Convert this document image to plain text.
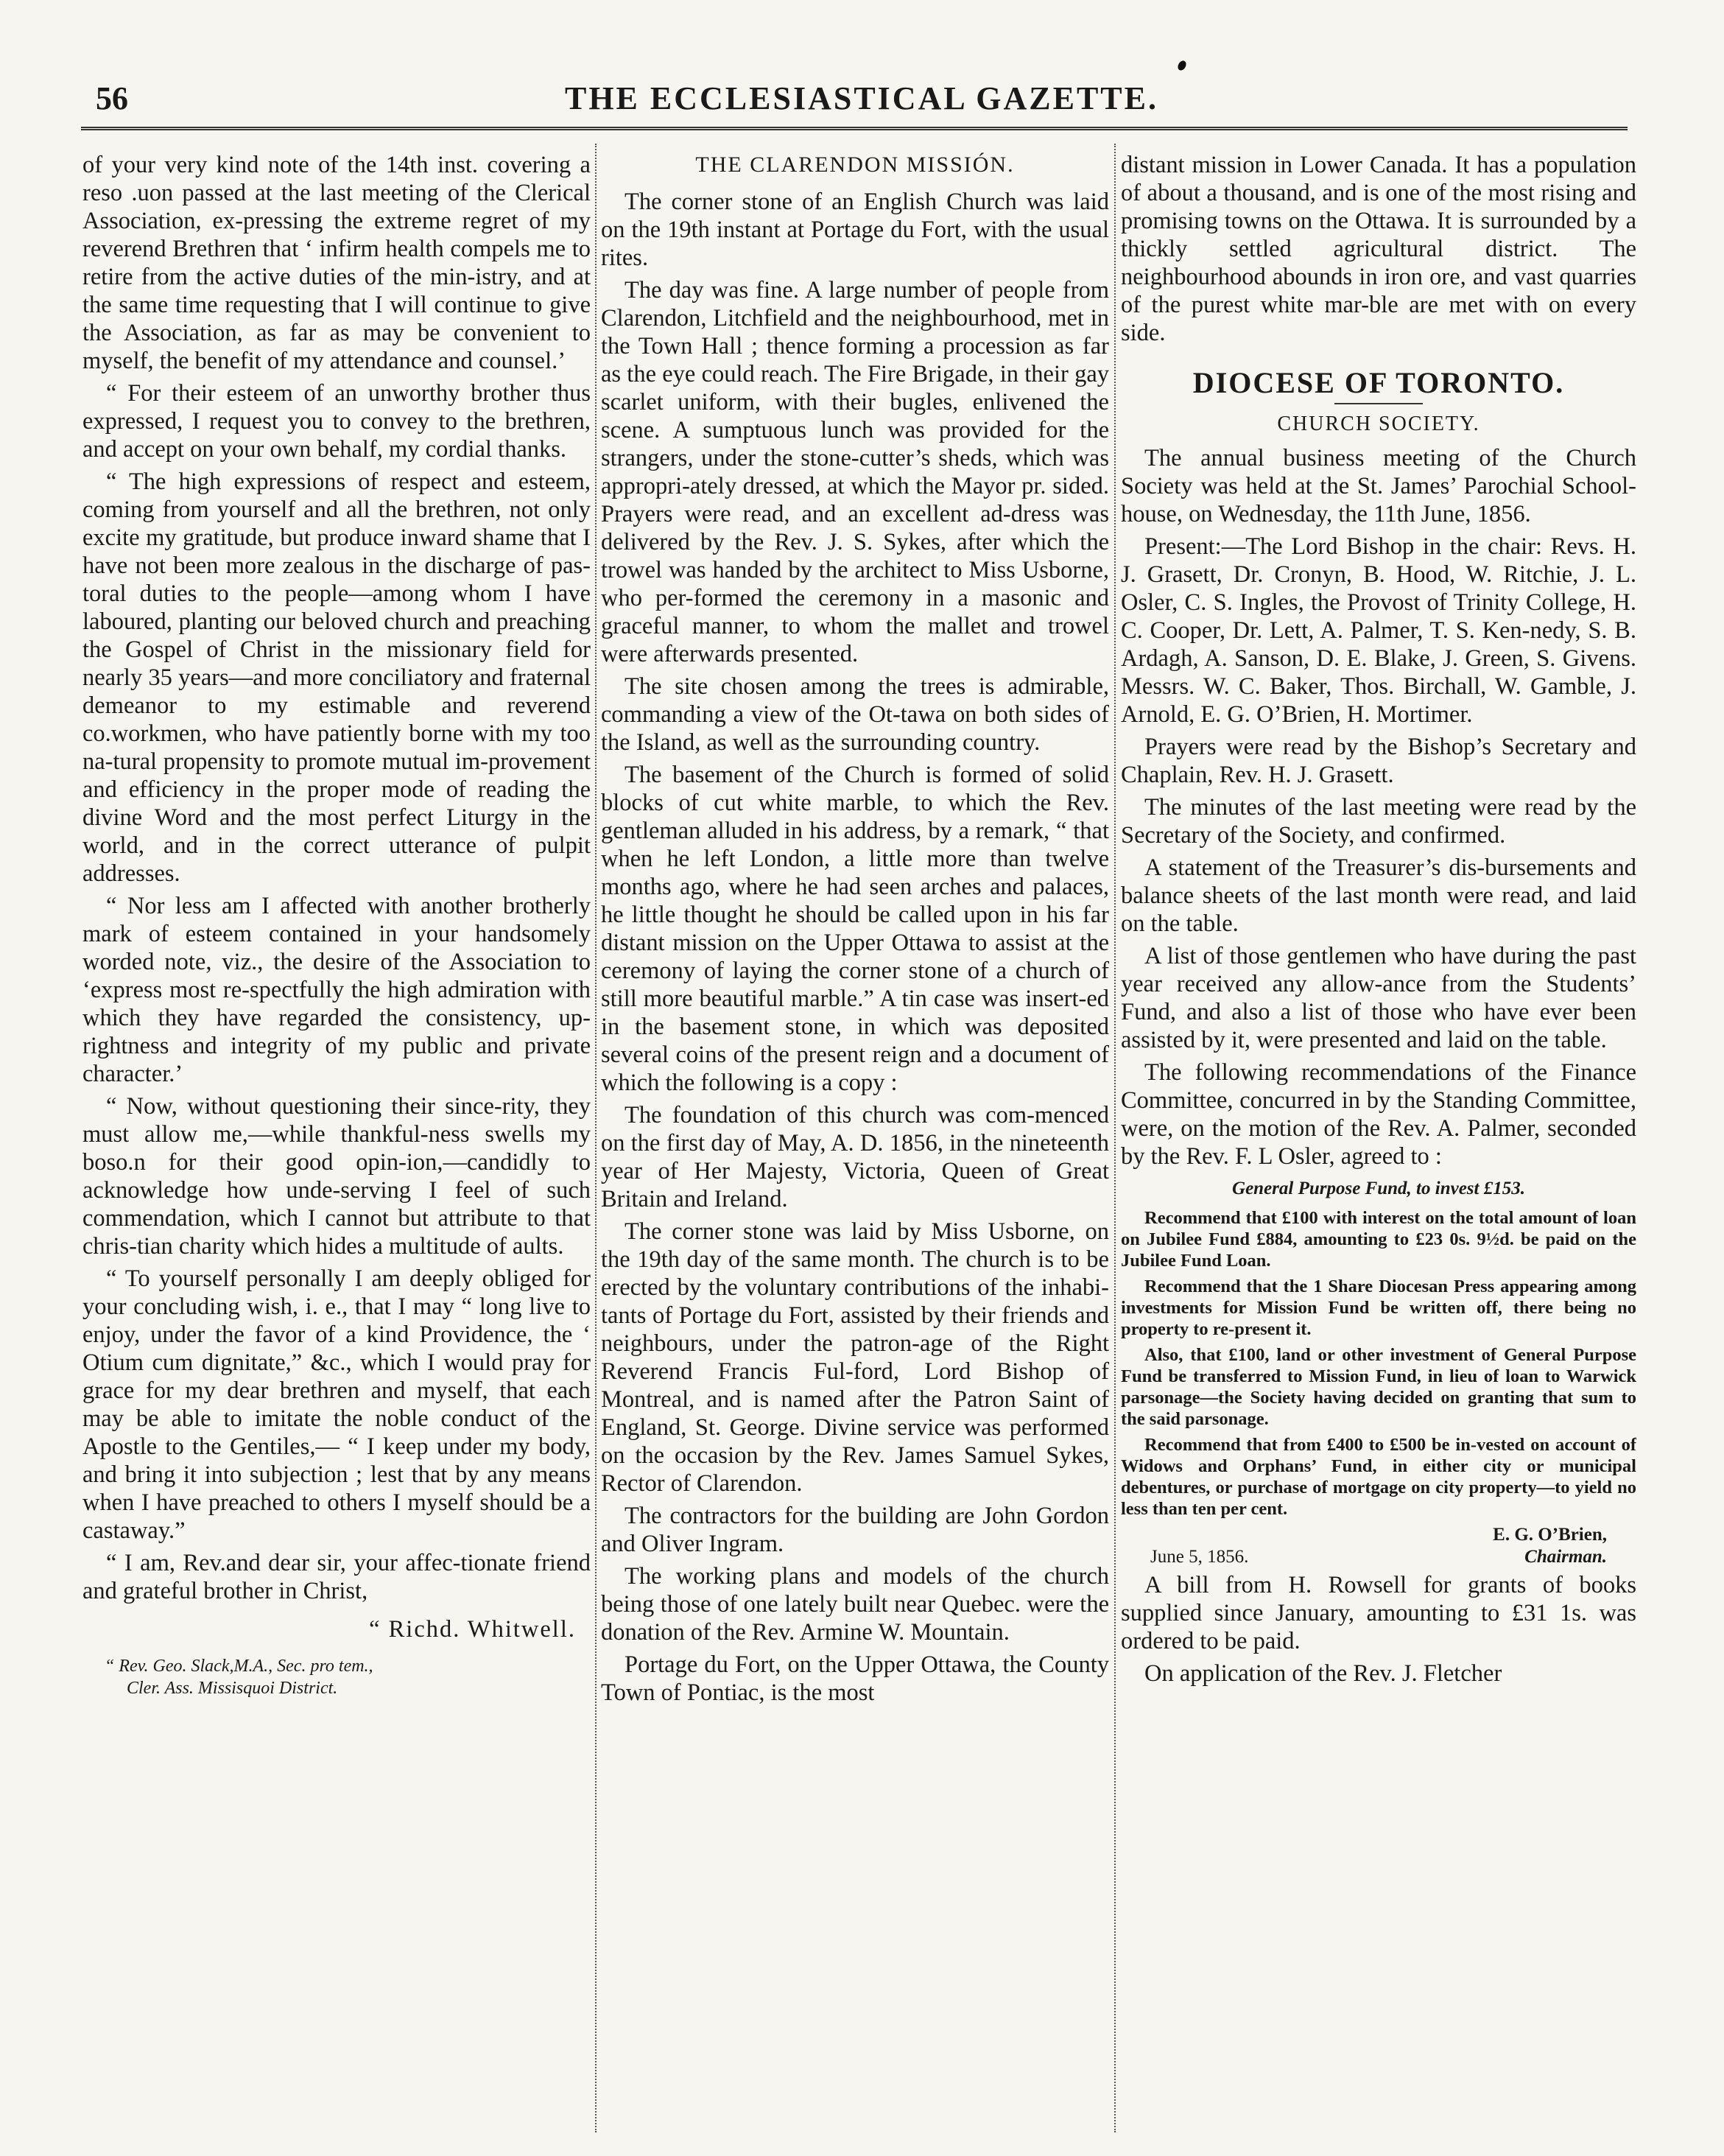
56	THE ECCLESIASTICAL GAZETTE.

of your very kind note of the 14th inst. covering a reso .uon passed at the last meeting of the Clerical Association, ex-pressing the extreme regret of my reverend Brethren that ‘ infirm health compels me to retire from the active duties of the min-istry, and at the same time requesting that I will continue to give the Association, as far as may be convenient to myself, the benefit of my attendance and counsel.’

“ For their esteem of an unworthy brother thus expressed, I request you to convey to the brethren, and accept on your own behalf, my cordial thanks.

“ The high expressions of respect and esteem, coming from yourself and all the brethren, not only excite my gratitude, but produce inward shame that I have not been more zealous in the discharge of pas-toral duties to the people—among whom I have laboured, planting our beloved church and preaching the Gospel of Christ in the missionary field for nearly 35 years—and more conciliatory and fraternal demeanor to my estimable and reverend co.workmen, who have patiently borne with my too na-tural propensity to promote mutual im-provement and efficiency in the proper mode of reading the divine Word and the most perfect Liturgy in the world, and in the correct utterance of pulpit addresses.

“ Nor less am I affected with another brotherly mark of esteem contained in your handsomely worded note, viz., the desire of the Association to ‘express most re-spectfully the high admiration with which they have regarded the consistency, up-rightness and integrity of my public and private character.’

“ Now, without questioning their since-rity, they must allow me,—while thankful-ness swells my boso.n for their good opin-ion,—candidly to acknowledge how unde-serving I feel of such commendation, which I cannot but attribute to that chris-tian charity which hides a multitude of aults.

“ To yourself personally I am deeply obliged for your concluding wish, i. e., that I may “ long live to enjoy, under the favor of a kind Providence, the ‘ Otium cum dignitate,” &c., which I would pray for grace for my dear brethren and myself, that each may be able to imitate the noble conduct of the Apostle to the Gentiles,— “ I keep under my body, and bring it into subjection ; lest that by any means when I have preached to others I myself should be a castaway.”

“ I am, Rev.and dear sir, your affec-tionate friend and grateful brother in Christ,

“ Richd. Whitwell.
“ Rev. Geo. Slack,M.A., Sec. pro tem.,
Cler. Ass. Missisquoi District.
THE CLARENDON MISSIÓN.

The corner stone of an English Church was laid on the 19th instant at Portage du Fort, with the usual rites.

The day was fine. A large number of people from Clarendon, Litchfield and the neighbourhood, met in the Town Hall ; thence forming a procession as far as the eye could reach. The Fire Brigade, in their gay scarlet uniform, with their bugles, enlivened the scene. A sumptuous lunch was provided for the strangers, under the stone-cutter’s sheds, which was appropri-ately dressed, at which the Mayor pr. sided. Prayers were read, and an excellent ad-dress was delivered by the Rev. J. S. Sykes, after which the trowel was handed by the architect to Miss Usborne, who per-formed the ceremony in a masonic and graceful manner, to whom the mallet and trowel were afterwards presented.

The site chosen among the trees is admirable, commanding a view of the Ot-tawa on both sides of the Island, as well as the surrounding country.

The basement of the Church is formed of solid blocks of cut white marble, to which the Rev. gentleman alluded in his address, by a remark, “ that when he left London, a little more than twelve months ago, where he had seen arches and palaces, he little thought he should be called upon in his far distant mission on the Upper Ottawa to assist at the ceremony of laying the corner stone of a church of still more beautiful marble.” A tin case was insert-ed in the basement stone, in which was deposited several coins of the present reign and a document of which the following is a copy :

The foundation of this church was com-menced on the first day of May, A. D. 1856, in the nineteenth year of Her Majesty, Victoria, Queen of Great Britain and Ireland.

The corner stone was laid by Miss Usborne, on the 19th day of the same month. The church is to be erected by the voluntary contributions of the inhabi-tants of Portage du Fort, assisted by their friends and neighbours, under the patron-age of the Right Reverend Francis Ful-ford, Lord Bishop of Montreal, and is named after the Patron Saint of England, St. George. Divine service was performed on the occasion by the Rev. James Samuel Sykes, Rector of Clarendon.

The contractors for the building are John Gordon and Oliver Ingram.

The working plans and models of the church being those of one lately built near Quebec. were the donation of the Rev. Armine W. Mountain.

Portage du Fort, on the Upper Ottawa, the County Town of Pontiac, is the most

distant mission in Lower Canada. It has a population of about a thousand, and is one of the most rising and promising towns on the Ottawa. It is surrounded by a thickly settled agricultural district. The neighbourhood abounds in iron ore, and vast quarries of the purest white mar-ble are met with on every side.

DIOCESE OF TORONTO.
CHURCH SOCIETY.

The annual business meeting of the Church Society was held at the St. James’ Parochial School-house, on Wednesday, the 11th June, 1856.

Present:—The Lord Bishop in the chair: Revs. H. J. Grasett, Dr. Cronyn, B. Hood, W. Ritchie, J. L. Osler, C. S. Ingles, the Provost of Trinity College, H. C. Cooper, Dr. Lett, A. Palmer, T. S. Ken-nedy, S. B. Ardagh, A. Sanson, D. E. Blake, J. Green, S. Givens. Messrs. W. C. Baker, Thos. Birchall, W. Gamble, J. Arnold, E. G. O’Brien, H. Mortimer.

Prayers were read by the Bishop’s Secretary and Chaplain, Rev. H. J. Grasett.

The minutes of the last meeting were read by the Secretary of the Society, and confirmed.

A statement of the Treasurer’s dis-bursements and balance sheets of the last month were read, and laid on the table.

A list of those gentlemen who have during the past year received any allow-ance from the Students’ Fund, and also a list of those who have ever been assisted by it, were presented and laid on the table.

The following recommendations of the Finance Committee, concurred in by the Standing Committee, were, on the motion of the Rev. A. Palmer, seconded by the Rev. F. L Osler, agreed to :

General Purpose Fund, to invest £153.

Recommend that £100 with interest on the total amount of loan on Jubilee Fund £884, amounting to £23 0s. 9½d. be paid on the Jubilee Fund Loan.

Recommend that the 1 Share Diocesan Press appearing among investments for Mission Fund be written off, there being no property to re-present it.

Also, that £100, land or other investment of General Purpose Fund be transferred to Mission Fund, in lieu of loan to Warwick parsonage—the Society having decided on granting that sum to the said parsonage.

Recommend that from £400 to £500 be in-vested on account of Widows and Orphans’ Fund, in either city or municipal debentures, or purchase of mortgage on city property—to yield no less than ten per cent.

E. G. O’Brien,
June 5, 1856.	Chairman.

A bill from H. Rowsell for grants of books supplied since January, amounting to £31 1s. was ordered to be paid.

On application of the Rev. J. Fletcher
